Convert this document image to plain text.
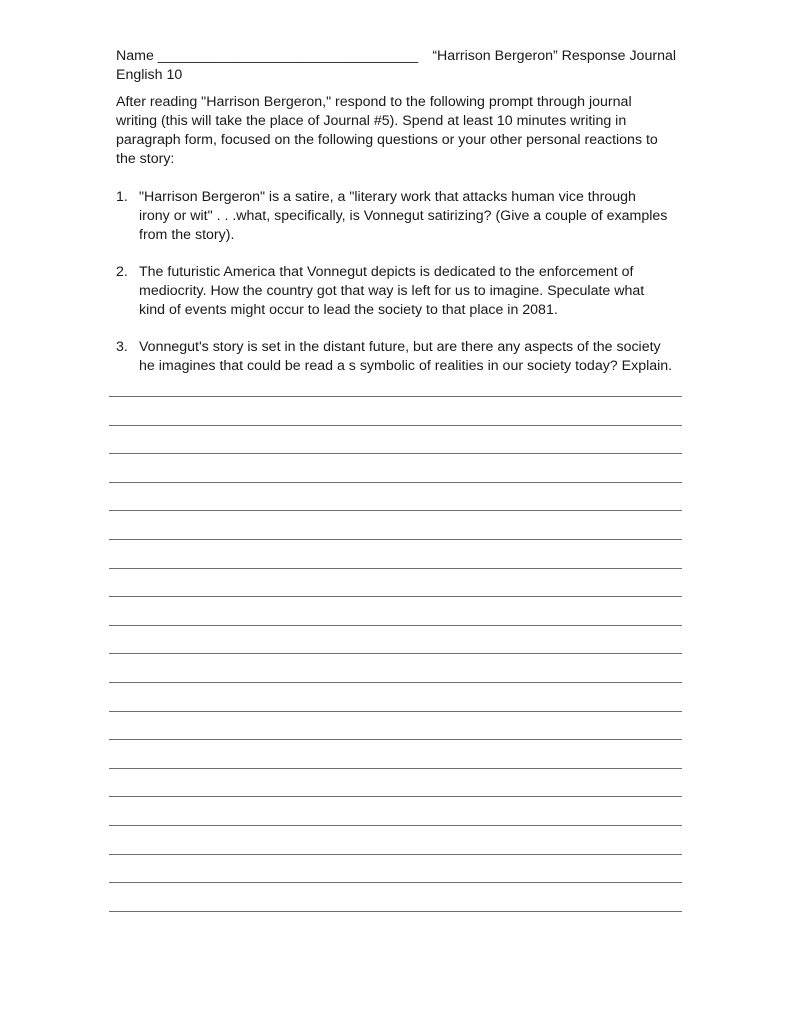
Name _________________________________ “Harrison Bergeron” Response Journal
English 10

After reading "Harrison Bergeron," respond to the following prompt through journal
writing (this will take the place of Journal #5). Spend at least 10 minutes writing in
paragraph form, focused on the following questions or your other personal reactions to
the story:

1. "Harrison Bergeron" is a satire, a "literary work that attacks human vice through
irony or wit" . . .what, specifically, is Vonnegut satirizing? (Give a couple of examples
from the story).
2. The futuristic America that Vonnegut depicts is dedicated to the enforcement of
mediocrity. How the country got that way is left for us to imagine. Speculate what
kind of events might occur to lead the society to that place in 2081.
3. Vonnegut's story is set in the distant future, but are there any aspects of the society
he imagines that could be read a s symbolic of realities in our society today? Explain.
